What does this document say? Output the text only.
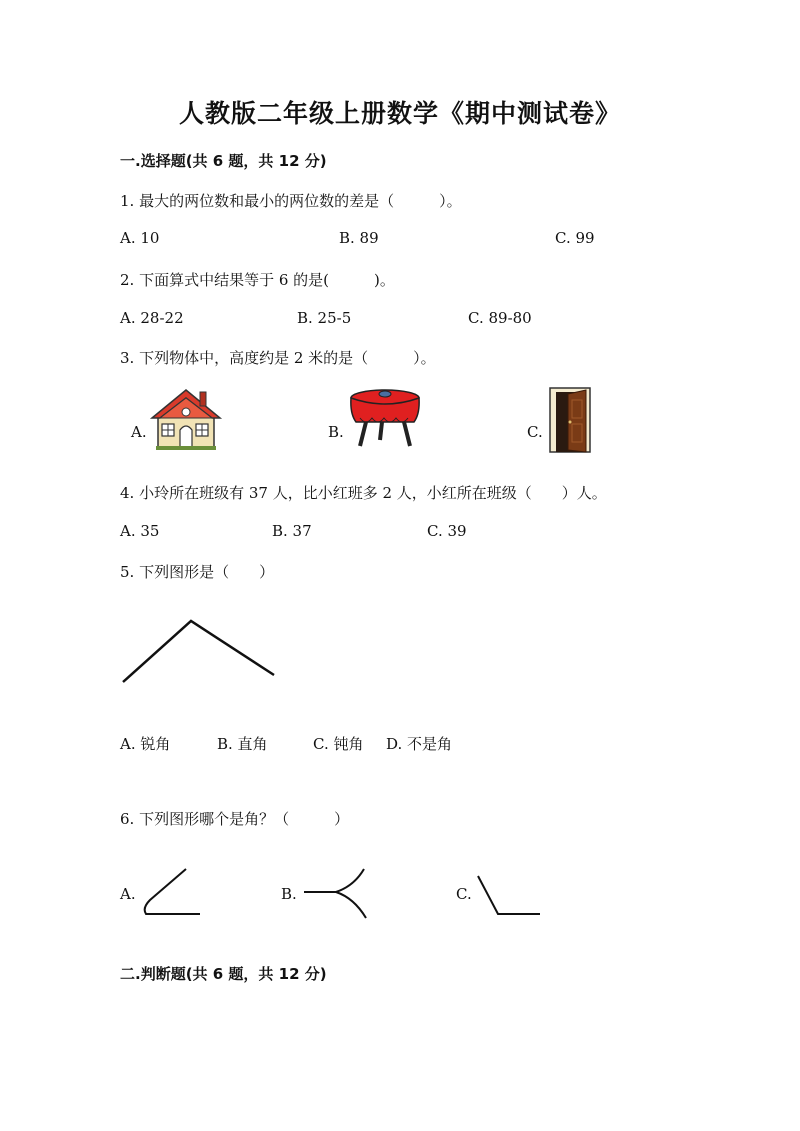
人教版二年级上册数学《期中测试卷》
一.选择题(共 6 题，共 12 分)
1. 最大的两位数和最小的两位数的差是（　　　）。
A. 10	B. 89	C. 99
2. 下面算式中结果等于 6 的是(　　　)。
A. 28-22	B. 25-5	C. 89-80
3. 下列物体中，高度约是 2 米的是（　　　）。
A.	B.	C.
4. 小玲所在班级有 37 人，比小红班多 2 人，小红所在班级（　　）人。
A. 35	B. 37	C. 39
5. 下列图形是（　　）
A. 锐角	B. 直角	C. 钝角 D. 不是角
6. 下列图形哪个是角？（　　　）
A.	B.	C.
二.判断题(共 6 题，共 12 分)
